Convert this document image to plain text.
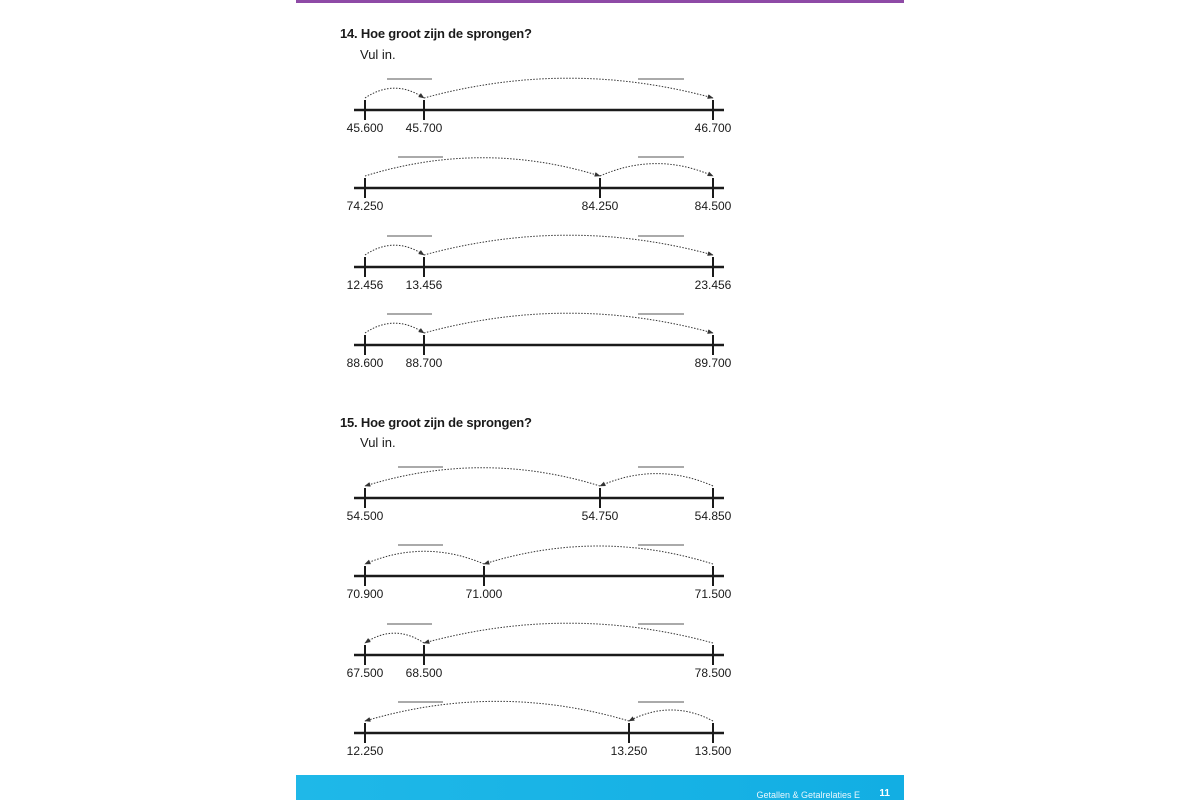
14. Hoe groot zijn de sprongen?
Vul in.
15. Hoe groot zijn de sprongen?
Vul in.
45.600 45.700	46.700
74.250	84.250	84.500
12.456 13.456	23.456
88.600 88.700	89.700
54.500	54.750	54.850
70.900	71.000	71.500
67.500 68.500	78.500
12.250	13.250	13.500
Getallen & Getalrelaties E 11
